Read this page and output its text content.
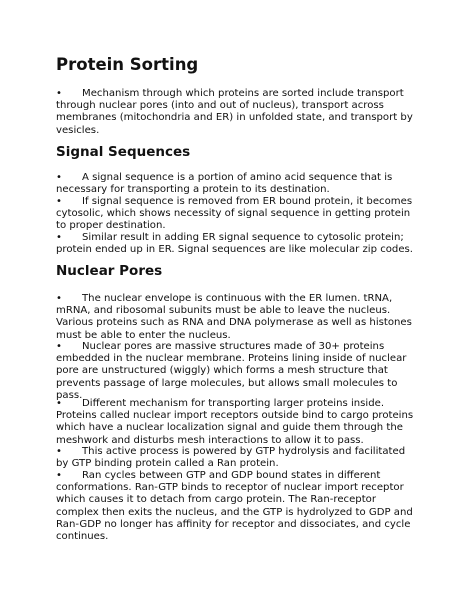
Protein Sorting

• Mechanism through which proteins are sorted include transport through nuclear pores (into and out of nucleus), transport across membranes (mitochondria and ER) in unfolded state, and transport by vesicles.

Signal Sequences

• A signal sequence is a portion of amino acid sequence that is necessary for transporting a protein to its destination.

• If signal sequence is removed from ER bound protein, it becomes cytosolic, which shows necessity of signal sequence in getting protein to proper destination.

• Similar result in adding ER signal sequence to cytosolic protein; protein ended up in ER. Signal sequences are like molecular zip codes.

Nuclear Pores

• The nuclear envelope is continuous with the ER lumen. tRNA, mRNA, and ribosomal subunits must be able to leave the nucleus. Various proteins such as RNA and DNA polymerase as well as histones must be able to enter the nucleus.

• Nuclear pores are massive structures made of 30+ proteins embedded in the nuclear membrane. Proteins lining inside of nuclear pore are unstructured (wiggly) which forms a mesh structure that prevents passage of large molecules, but allows small molecules to pass.

• Different mechanism for transporting larger proteins inside. Proteins called nuclear import receptors outside bind to cargo proteins which have a nuclear localization signal and guide them through the meshwork and disturbs mesh interactions to allow it to pass.

• This active process is powered by GTP hydrolysis and facilitated by GTP binding protein called a Ran protein.

• Ran cycles between GTP and GDP bound states in different conformations. Ran-GTP binds to receptor of nuclear import receptor which causes it to detach from cargo protein. The Ran-receptor complex then exits the nucleus, and the GTP is hydrolyzed to GDP and Ran-GDP no longer has affinity for receptor and dissociates, and cycle continues.
